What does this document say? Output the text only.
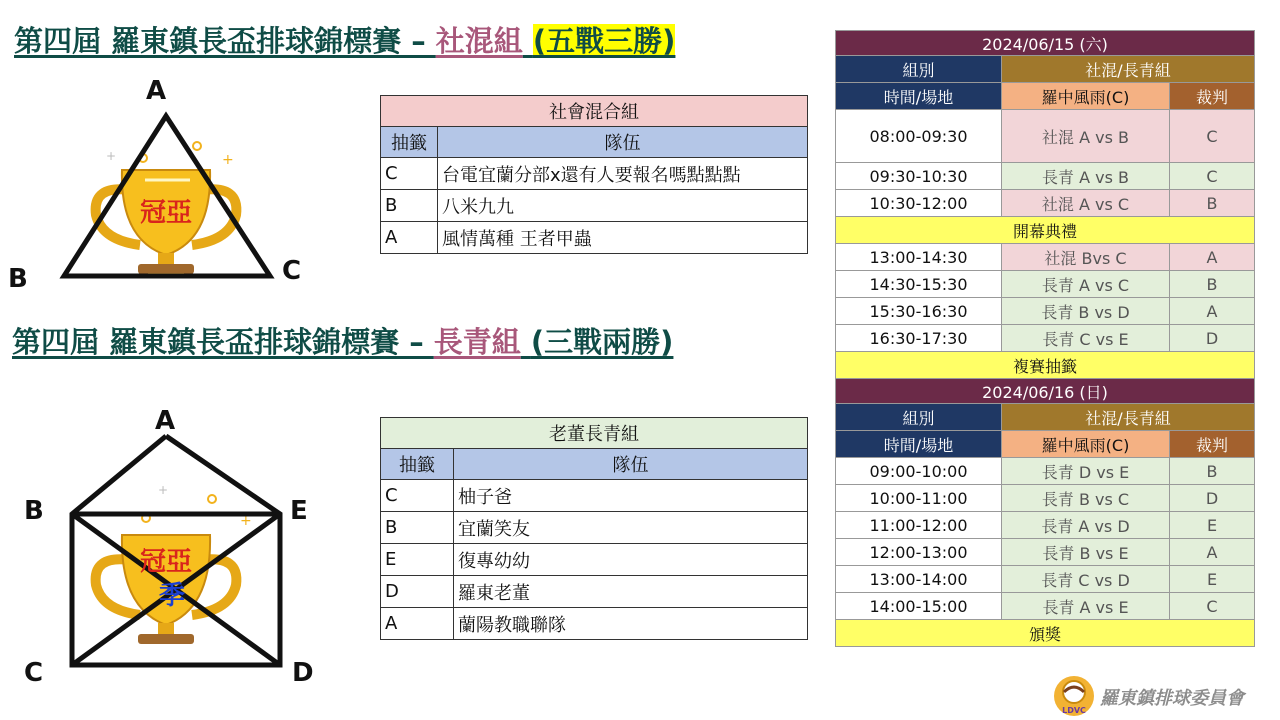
第四屆 羅東鎮長盃排球錦標賽 – 社混組 (五戰三勝)
+
+
冠亞
A
B	C
社會混合組	
抽籤	隊伍
C	台電宜蘭分部x還有人要報名嗎點點點
B	八米九九
A	風情萬種 王者甲蟲
第四屆 羅東鎮長盃排球錦標賽 – 長青組 (三戰兩勝)
+
+
冠亞
季
A
B	E
C	D
老董長青組	
抽籤	隊伍
C	柚子爸
B	宜蘭笑友
E	復專幼幼
D	羅東老董
A	蘭陽教職聯隊
2024/06/15 (六)		
組別	社混/長青組	
時間/場地	羅中風雨(C)	裁判
08:00-09:30	社混 A vs B	C
09:30-10:30	長青 A vs B	C
10:30-12:00	社混 A vs C	B
開幕典禮		
13:00-14:30	社混 Bvs C	A
14:30-15:30	長青 A vs C	B
15:30-16:30	長青 B vs D	A
16:30-17:30	長青 C vs E	D
複賽抽籤		
2024/06/16 (日)		
組別	社混/長青組	
時間/場地	羅中風雨(C)	裁判
09:00-10:00	長青 D vs E	B
10:00-11:00	長青 B vs C	D
11:00-12:00	長青 A vs D	E
12:00-13:00	長青 B vs E	A
13:00-14:00	長青 C vs D	E
14:00-15:00	長青 A vs E	C
頒獎		
LDVC
羅東鎮排球委員會
